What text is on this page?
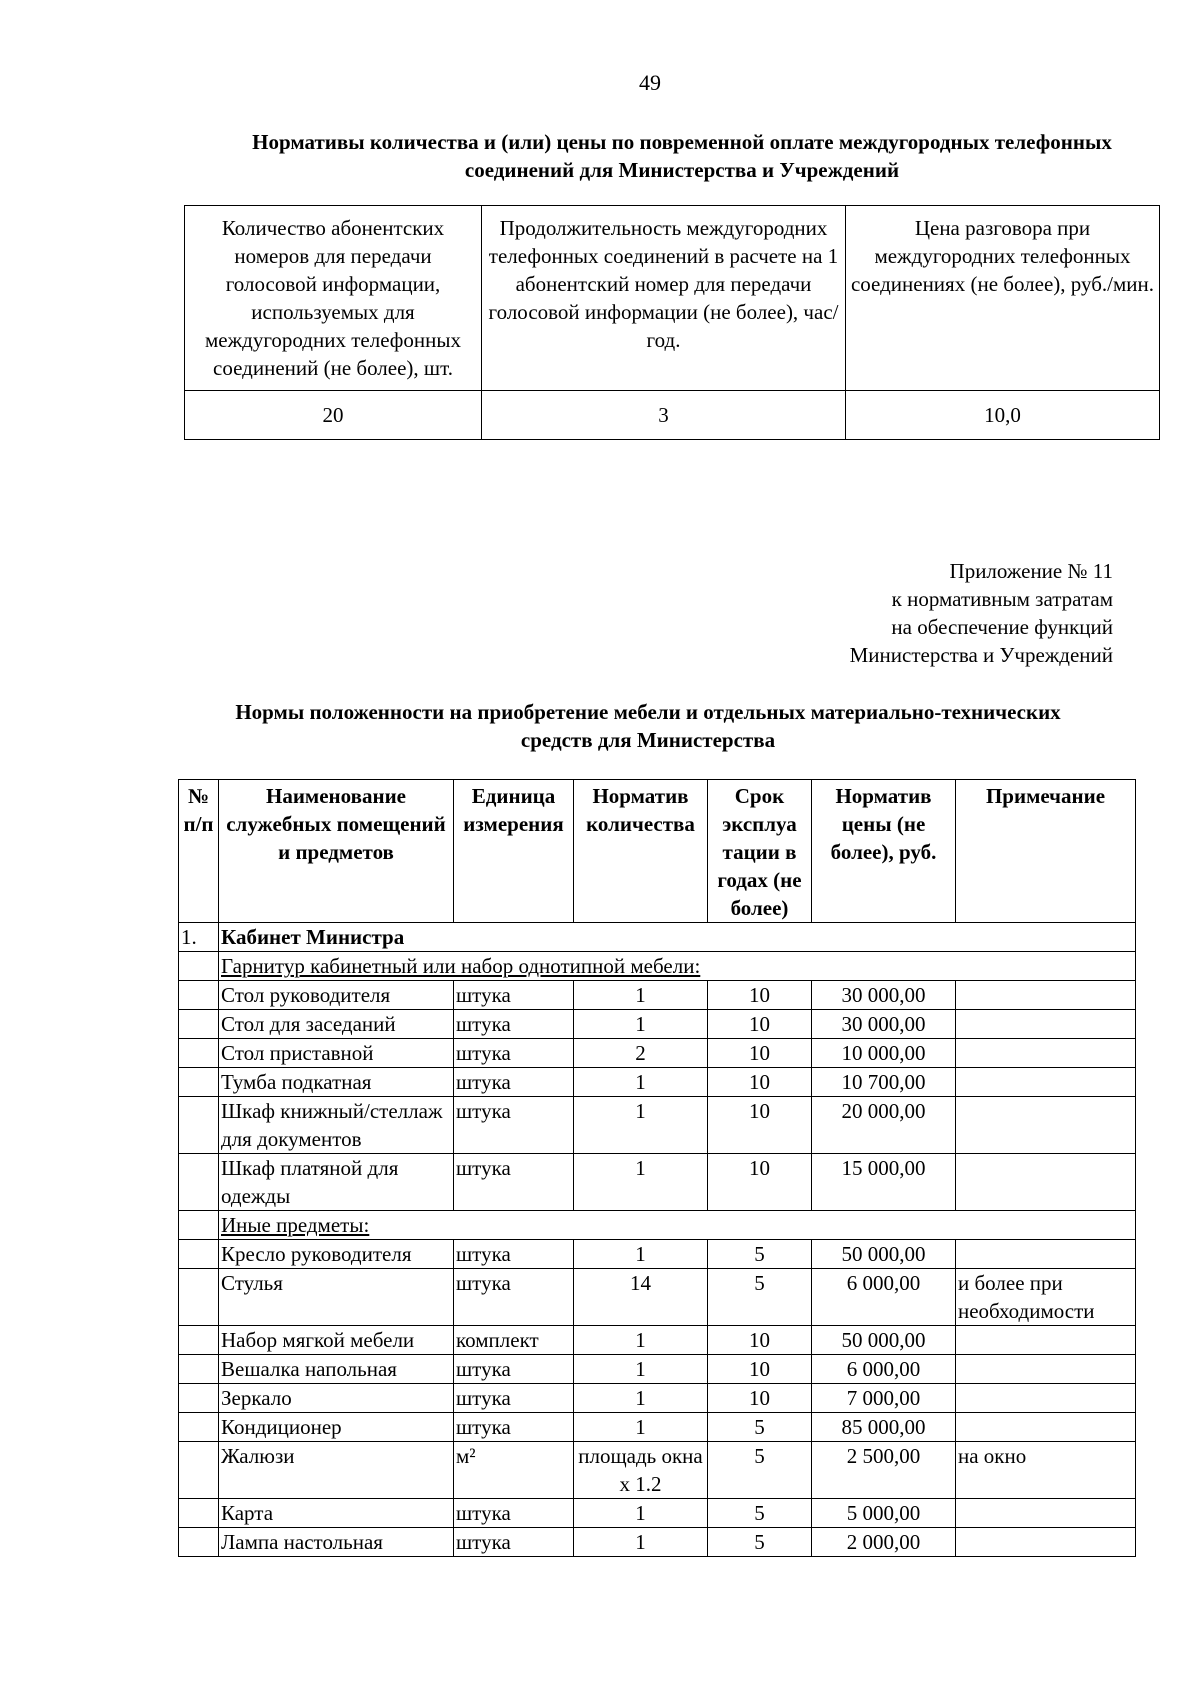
49
Нормативы количества и (или) цены по повременной оплате междугородных телефонных соединений для Министерства и Учреждений
Количество абонентских номеров для передачи голосовой информации, используемых для междугородних телефонных соединений (не более), шт.	Продолжительность междугородних телефонных соединений в расчете на 1 абонентский номер для передачи голосовой информации (не более), час/год.	Цена разговора при междугородних телефонных соединениях (не более), руб./мин.
20	3	10,0
Приложение № 11
к нормативным затратам
на обеспечение функций
Министерства и Учреждений
Нормы положенности на приобретение мебели и отдельных материально-технических средств для Министерства
№ п/п	Наименование служебных помещений и предметов	Единица измерения	Норматив количества	Срок эксплуа тации в годах (не более)	Норматив цены (не более), руб.	Примечание
1.	Кабинет Министра					
	Гарнитур кабинетный или набор однотипной мебели:					
	Стол руководителя	штука	1	10	30 000,00	
	Стол для заседаний	штука	1	10	30 000,00	
	Стол приставной	штука	2	10	10 000,00	
	Тумба подкатная	штука	1	10	10 700,00	
	Шкаф книжный/стеллаж для документов	штука	1	10	20 000,00	
	Шкаф платяной для одежды	штука	1	10	15 000,00	
	Иные предметы:					
	Кресло руководителя	штука	1	5	50 000,00	
	Стулья	штука	14	5	6 000,00	и более при необходимости
	Набор мягкой мебели	комплект	1	10	50 000,00	
	Вешалка напольная	штука	1	10	6 000,00	
	Зеркало	штука	1	10	7 000,00	
	Кондиционер	штука	1	5	85 000,00	
	Жалюзи	м²	площадь окна х 1.2	5	2 500,00	на окно
	Карта	штука	1	5	5 000,00	
	Лампа настольная	штука	1	5	2 000,00	
